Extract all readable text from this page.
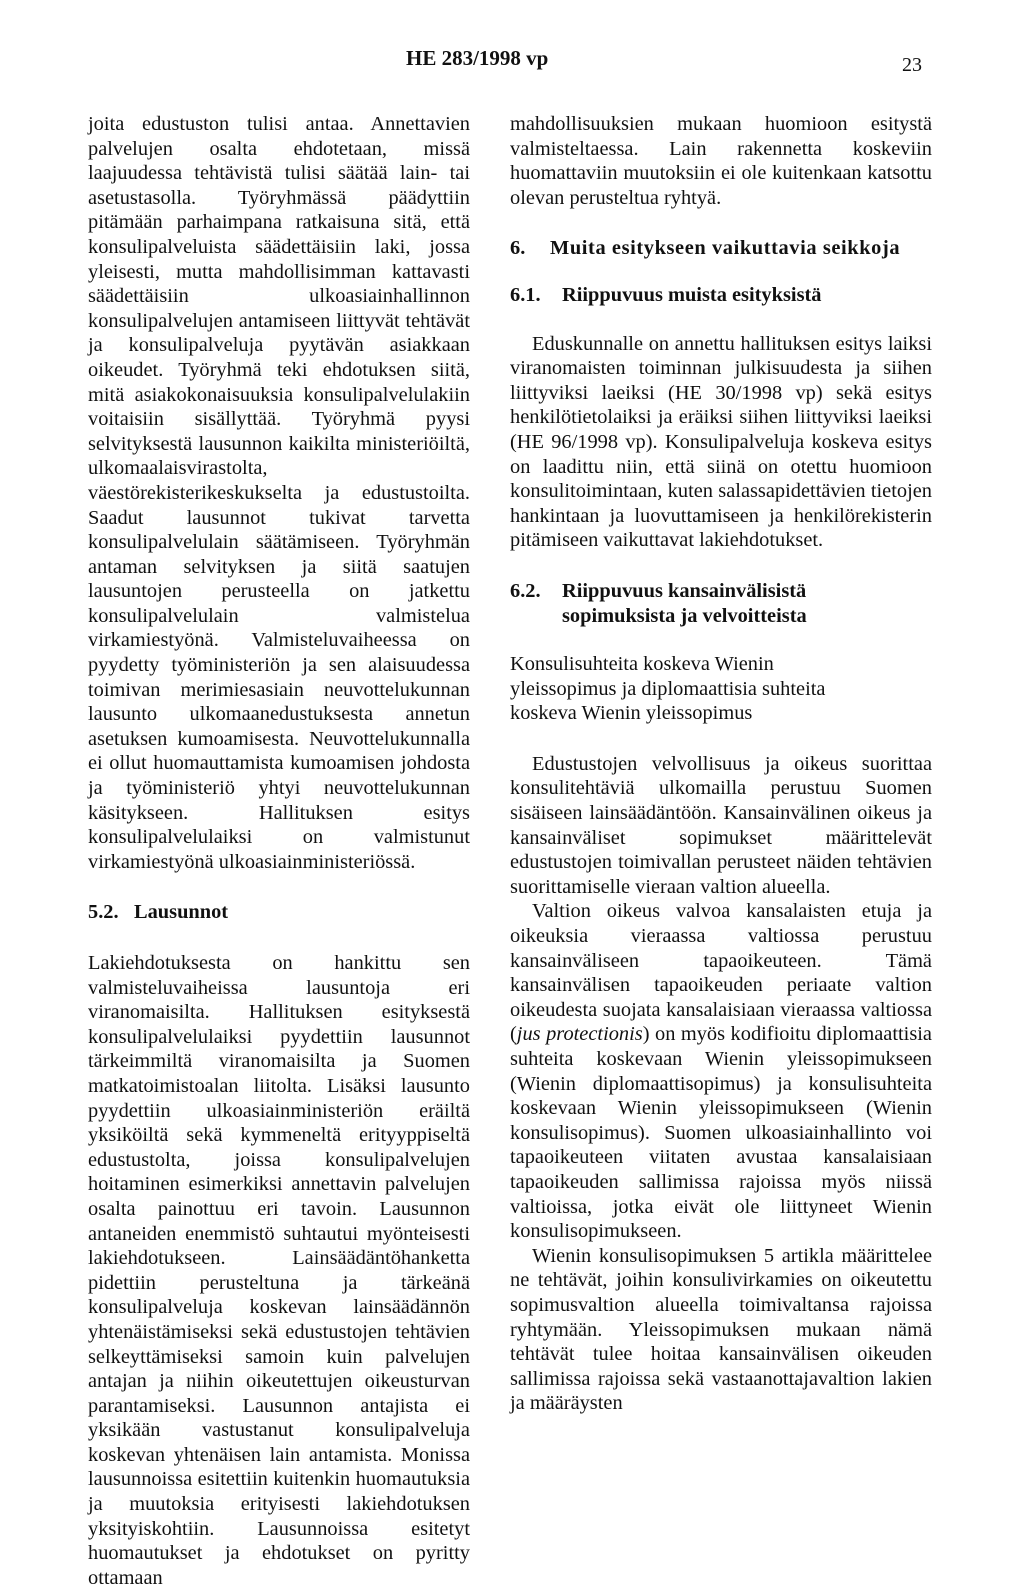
HE 283/1998 vp	23

joita edustuston tulisi antaa. Annettavien palvelujen osalta ehdotetaan, missä laajuudessa tehtävistä tulisi säätää lain- tai asetustasolla. Työryhmässä päädyttiin pitämään parhaimpana ratkaisuna sitä, että konsulipalveluista säädettäisiin laki, jossa yleisesti, mutta mahdollisimman kattavasti säädettäisiin ulkoasiainhallinnon konsulipalvelujen antamiseen liittyvät tehtävät ja konsulipalveluja pyytävän asiakkaan oikeudet. Työryhmä teki ehdotuksen siitä, mitä asiakokonaisuuksia konsulipalvelulakiin voitaisiin sisällyttää. Työryhmä pyysi selvityksestä lausunnon kaikilta ministeriöiltä, ulkomaalaisvirastolta, väestörekisterikeskukselta ja edustustoilta. Saadut lausunnot tukivat tarvetta konsulipalvelulain säätämiseen. Työryhmän antaman selvityksen ja siitä saatujen lausuntojen perusteella on jatkettu konsulipalvelulain valmistelua virkamiestyönä. Valmisteluvaiheessa on pyydetty työministeriön ja sen alaisuudessa toimivan merimiesasiain neuvottelukunnan lausunto ulkomaanedustuksesta annetun asetuksen kumoamisesta. Neuvottelukunnalla ei ollut huomauttamista kumoamisen johdosta ja työministeriö yhtyi neuvottelukunnan käsitykseen. Hallituksen esitys konsulipalvelulaiksi on valmistunut virkamiestyönä ulkoasiainministeriössä.

5.2. Lausunnot

Lakiehdotuksesta on hankittu sen valmisteluvaiheissa lausuntoja eri viranomaisilta. Hallituksen esityksestä konsulipalvelulaiksi pyydettiin lausunnot tärkeimmiltä viranomaisilta ja Suomen matkatoimistoalan liitolta. Lisäksi lausunto pyydettiin ulkoasiainministeriön eräiltä yksiköiltä sekä kymmeneltä erityyppiseltä edustustolta, joissa konsulipalvelujen hoitaminen esimerkiksi annettavin palvelujen osalta painottuu eri tavoin. Lausunnon antaneiden enemmistö suhtautui myönteisesti lakiehdotukseen. Lainsäädäntöhanketta pidettiin perusteltuna ja tärkeänä konsulipalveluja koskevan lainsäädännön yhtenäistämiseksi sekä edustustojen tehtävien selkeyttämiseksi samoin kuin palvelujen antajan ja niihin oikeutettujen oikeusturvan parantamiseksi. Lausunnon antajista ei yksikään vastustanut konsulipalveluja koskevan yhtenäisen lain antamista. Monissa lausunnoissa esitettiin kuitenkin huomautuksia ja muutoksia erityisesti lakiehdotuksen yksityiskohtiin. Lausunnoissa esitetyt huomautukset ja ehdotukset on pyritty ottamaan

mahdollisuuksien mukaan huomioon esitystä valmisteltaessa. Lain rakennetta koskeviin huomattaviin muutoksiin ei ole kuitenkaan katsottu olevan perusteltua ryhtyä.

6.	Muita esitykseen vaikuttavia seikkoja
6.1.	Riippuvuus muista esityksistä

Eduskunnalle on annettu hallituksen esitys laiksi viranomaisten toiminnan julkisuudesta ja siihen liittyviksi laeiksi (HE 30/1998 vp) sekä esitys henkilötietolaiksi ja eräiksi siihen liittyviksi laeiksi (HE 96/1998 vp). Konsulipalveluja koskeva esitys on laadittu niin, että siinä on otettu huomioon konsulitoimintaan, kuten salassapidettävien tietojen hankintaan ja luovuttamiseen ja henkilörekisterin pitämiseen vaikuttavat lakiehdotukset.

6.2.	Riippuvuus kansainvälisistä sopimuksista ja velvoitteista

Konsulisuhteita koskeva Wienin yleissopimus ja diplomaattisia suhteita koskeva Wienin yleissopimus

Edustustojen velvollisuus ja oikeus suorittaa konsulitehtäviä ulkomailla perustuu Suomen sisäiseen lainsäädäntöön. Kansainvälinen oikeus ja kansainväliset sopimukset määrittelevät edustustojen toimivallan perusteet näiden tehtävien suorittamiselle vieraan valtion alueella.

Valtion oikeus valvoa kansalaisten etuja ja oikeuksia vieraassa valtiossa perustuu kansainväliseen tapaoikeuteen. Tämä kansainvälisen tapaoikeuden periaate valtion oikeudesta suojata kansalaisiaan vieraassa valtiossa (jus protectionis) on myös kodifioitu diplomaattisia suhteita koskevaan Wienin yleissopimukseen (Wienin diplomaattisopimus) ja konsulisuhteita koskevaan Wienin yleissopimukseen (Wienin konsulisopimus). Suomen ulkoasiainhallinto voi tapaoikeuteen viitaten avustaa kansalaisiaan tapaoikeuden sallimissa rajoissa myös niissä valtioissa, jotka eivät ole liittyneet Wienin konsulisopimukseen.

Wienin konsulisopimuksen 5 artikla määrittelee ne tehtävät, joihin konsulivirkamies on oikeutettu sopimusvaltion alueella toimivaltansa rajoissa ryhtymään. Yleissopimuksen mukaan nämä tehtävät tulee hoitaa kansainvälisen oikeuden sallimissa rajoissa sekä vastaanottajavaltion lakien ja määräysten
